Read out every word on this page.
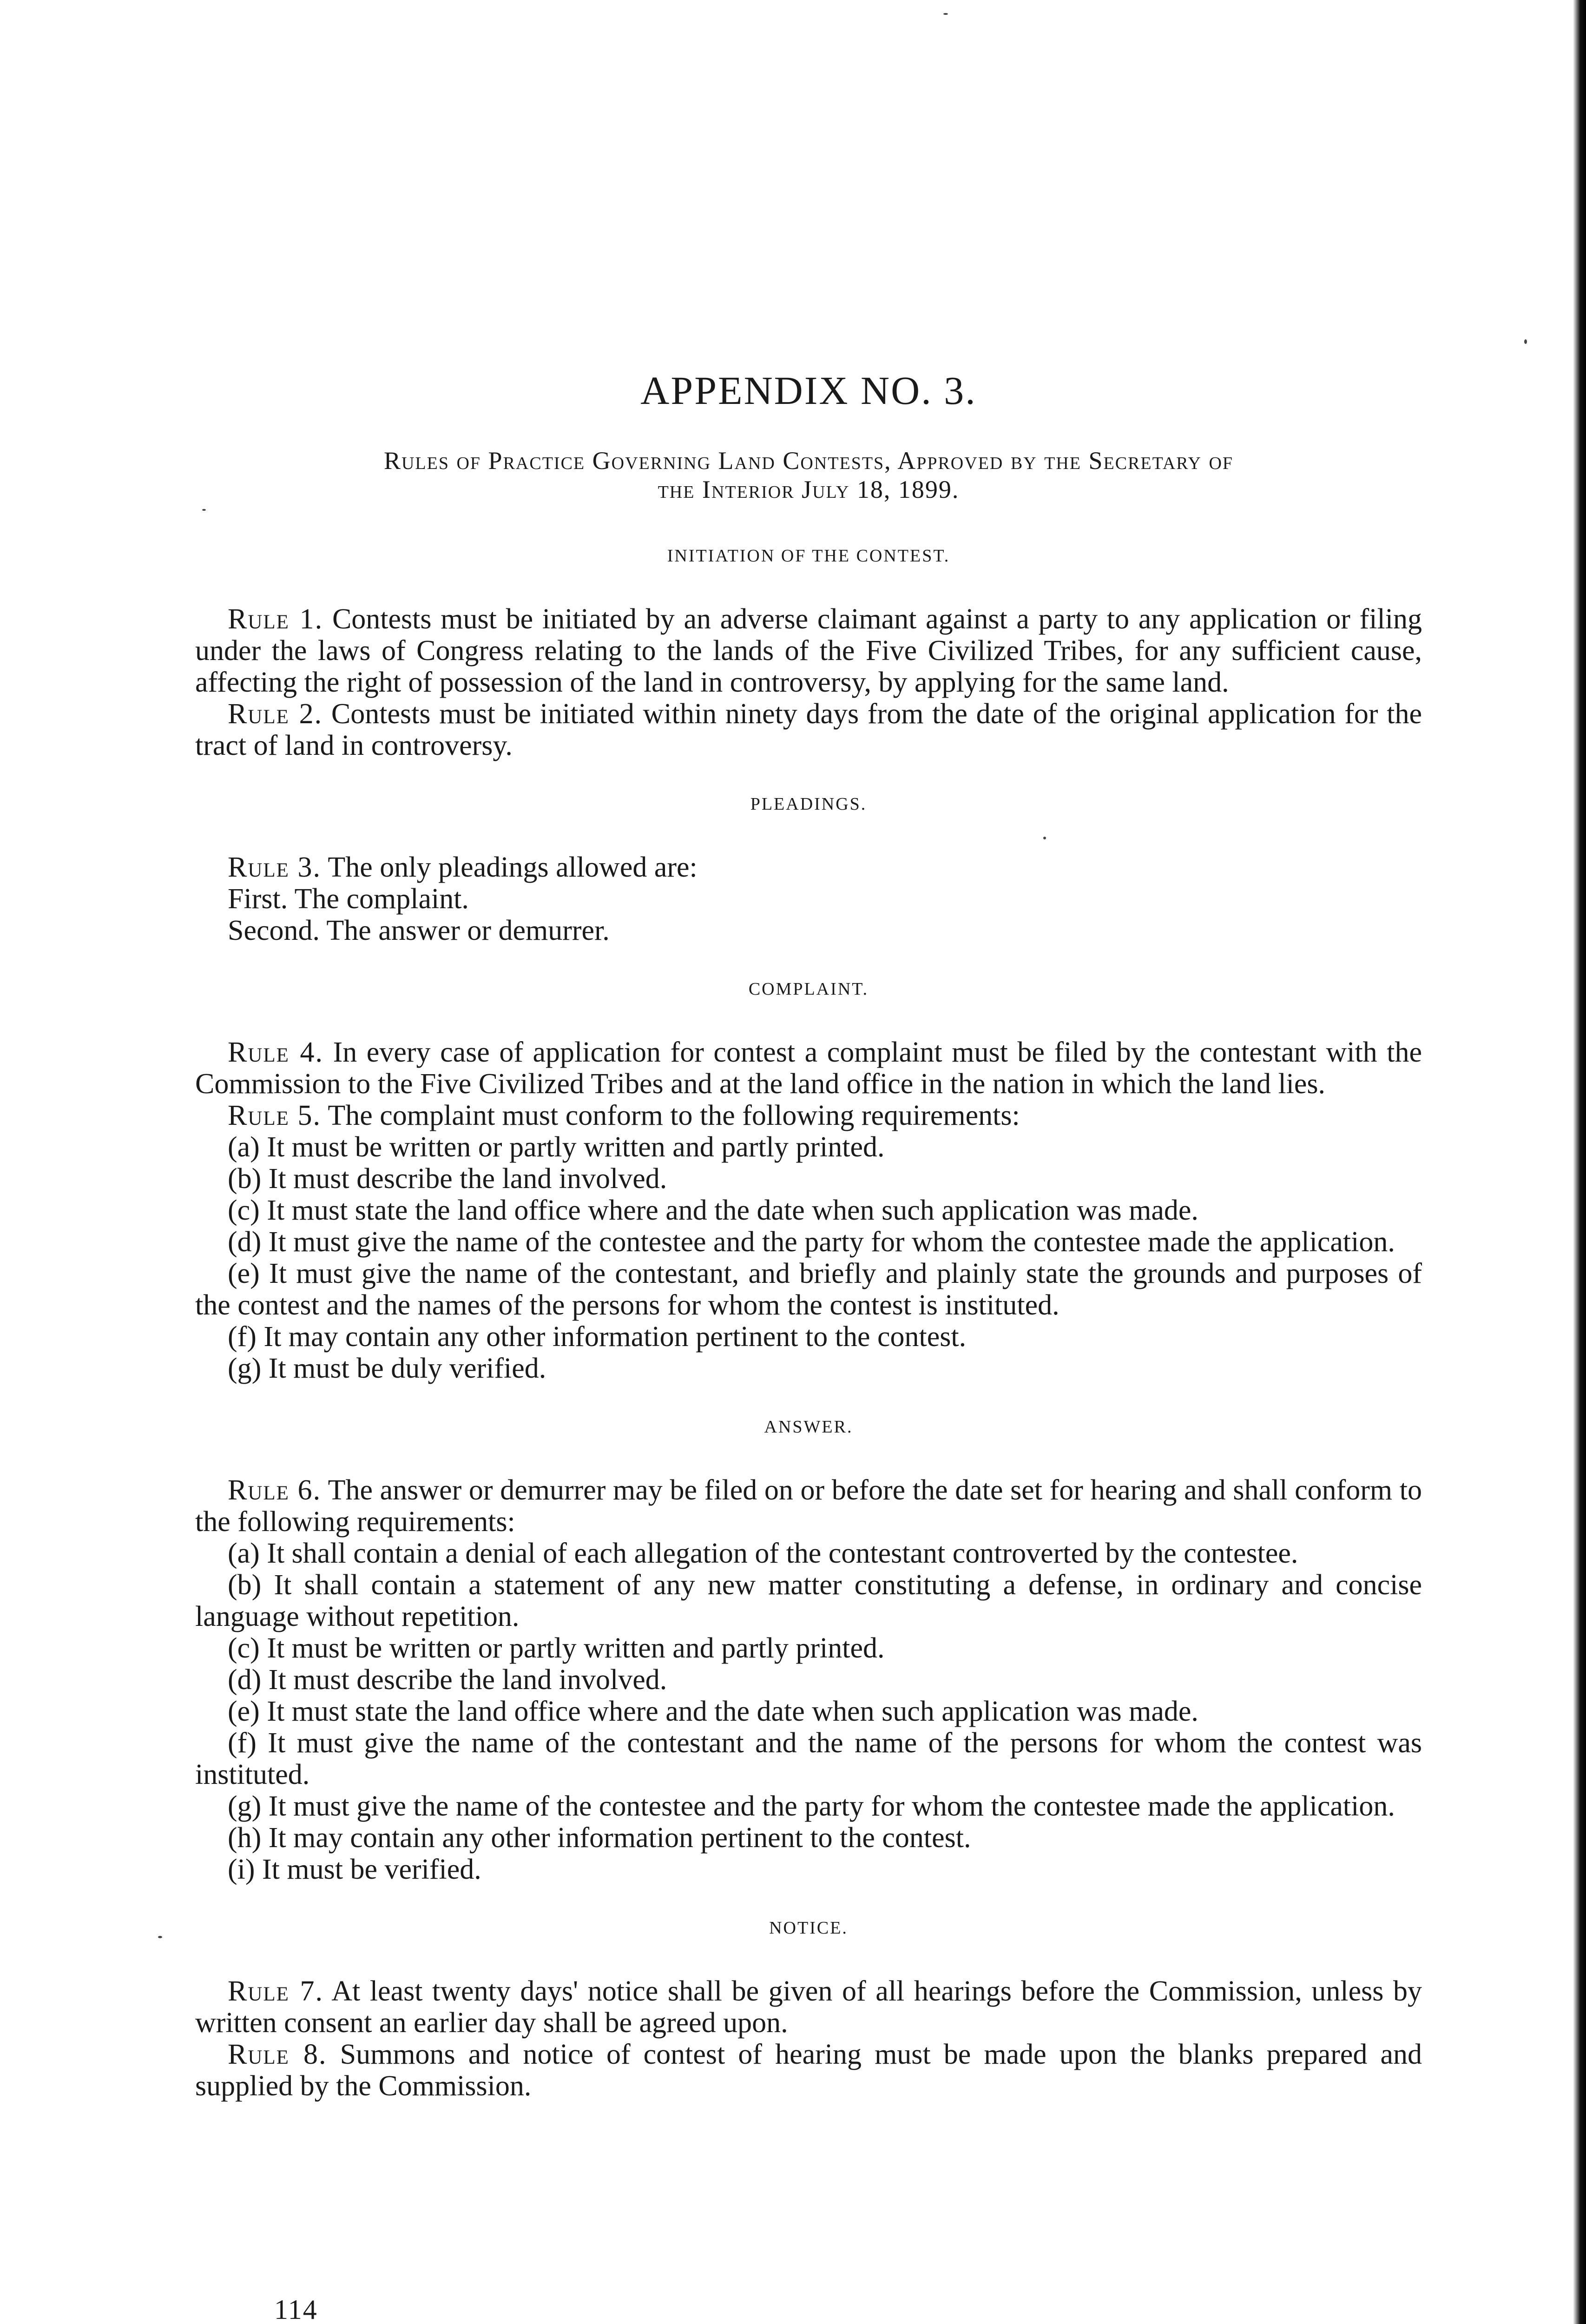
APPENDIX NO. 3.
Rules of Practice Governing Land Contests, Approved by the Secretary of
the Interior July 18, 1899.
INITIATION OF THE CONTEST.

Rule 1. Contests must be initiated by an adverse claimant against a party to any application or filing under the laws of Congress relating to the lands of the Five Civilized Tribes, for any sufficient cause, affecting the right of possession of the land in controversy, by applying for the same land.

Rule 2. Contests must be initiated within ninety days from the date of the original application for the tract of land in controversy.

PLEADINGS.

Rule 3. The only pleadings allowed are:

First. The complaint.

Second. The answer or demurrer.

COMPLAINT.

Rule 4. In every case of application for contest a complaint must be filed by the contestant with the Commission to the Five Civilized Tribes and at the land office in the nation in which the land lies.

Rule 5. The complaint must conform to the following requirements:

(a) It must be written or partly written and partly printed.

(b) It must describe the land involved.

(c) It must state the land office where and the date when such application was made.

(d) It must give the name of the contestee and the party for whom the contestee made the application.

(e) It must give the name of the contestant, and briefly and plainly state the grounds and purposes of the contest and the names of the persons for whom the contest is instituted.

(f) It may contain any other information pertinent to the contest.

(g) It must be duly verified.

ANSWER.

Rule 6. The answer or demurrer may be filed on or before the date set for hearing and shall conform to the following requirements:

(a) It shall contain a denial of each allegation of the contestant controverted by the contestee.

(b) It shall contain a statement of any new matter constituting a defense, in ordinary and concise language without repetition.

(c) It must be written or partly written and partly printed.

(d) It must describe the land involved.

(e) It must state the land office where and the date when such application was made.

(f) It must give the name of the contestant and the name of the persons for whom the contest was instituted.

(g) It must give the name of the contestee and the party for whom the contestee made the application.

(h) It may contain any other information pertinent to the contest.

(i) It must be verified.

NOTICE.

Rule 7. At least twenty days' notice shall be given of all hearings before the Commission, unless by written consent an earlier day shall be agreed upon.

Rule 8. Summons and notice of contest of hearing must be made upon the blanks prepared and supplied by the Commission.

114
